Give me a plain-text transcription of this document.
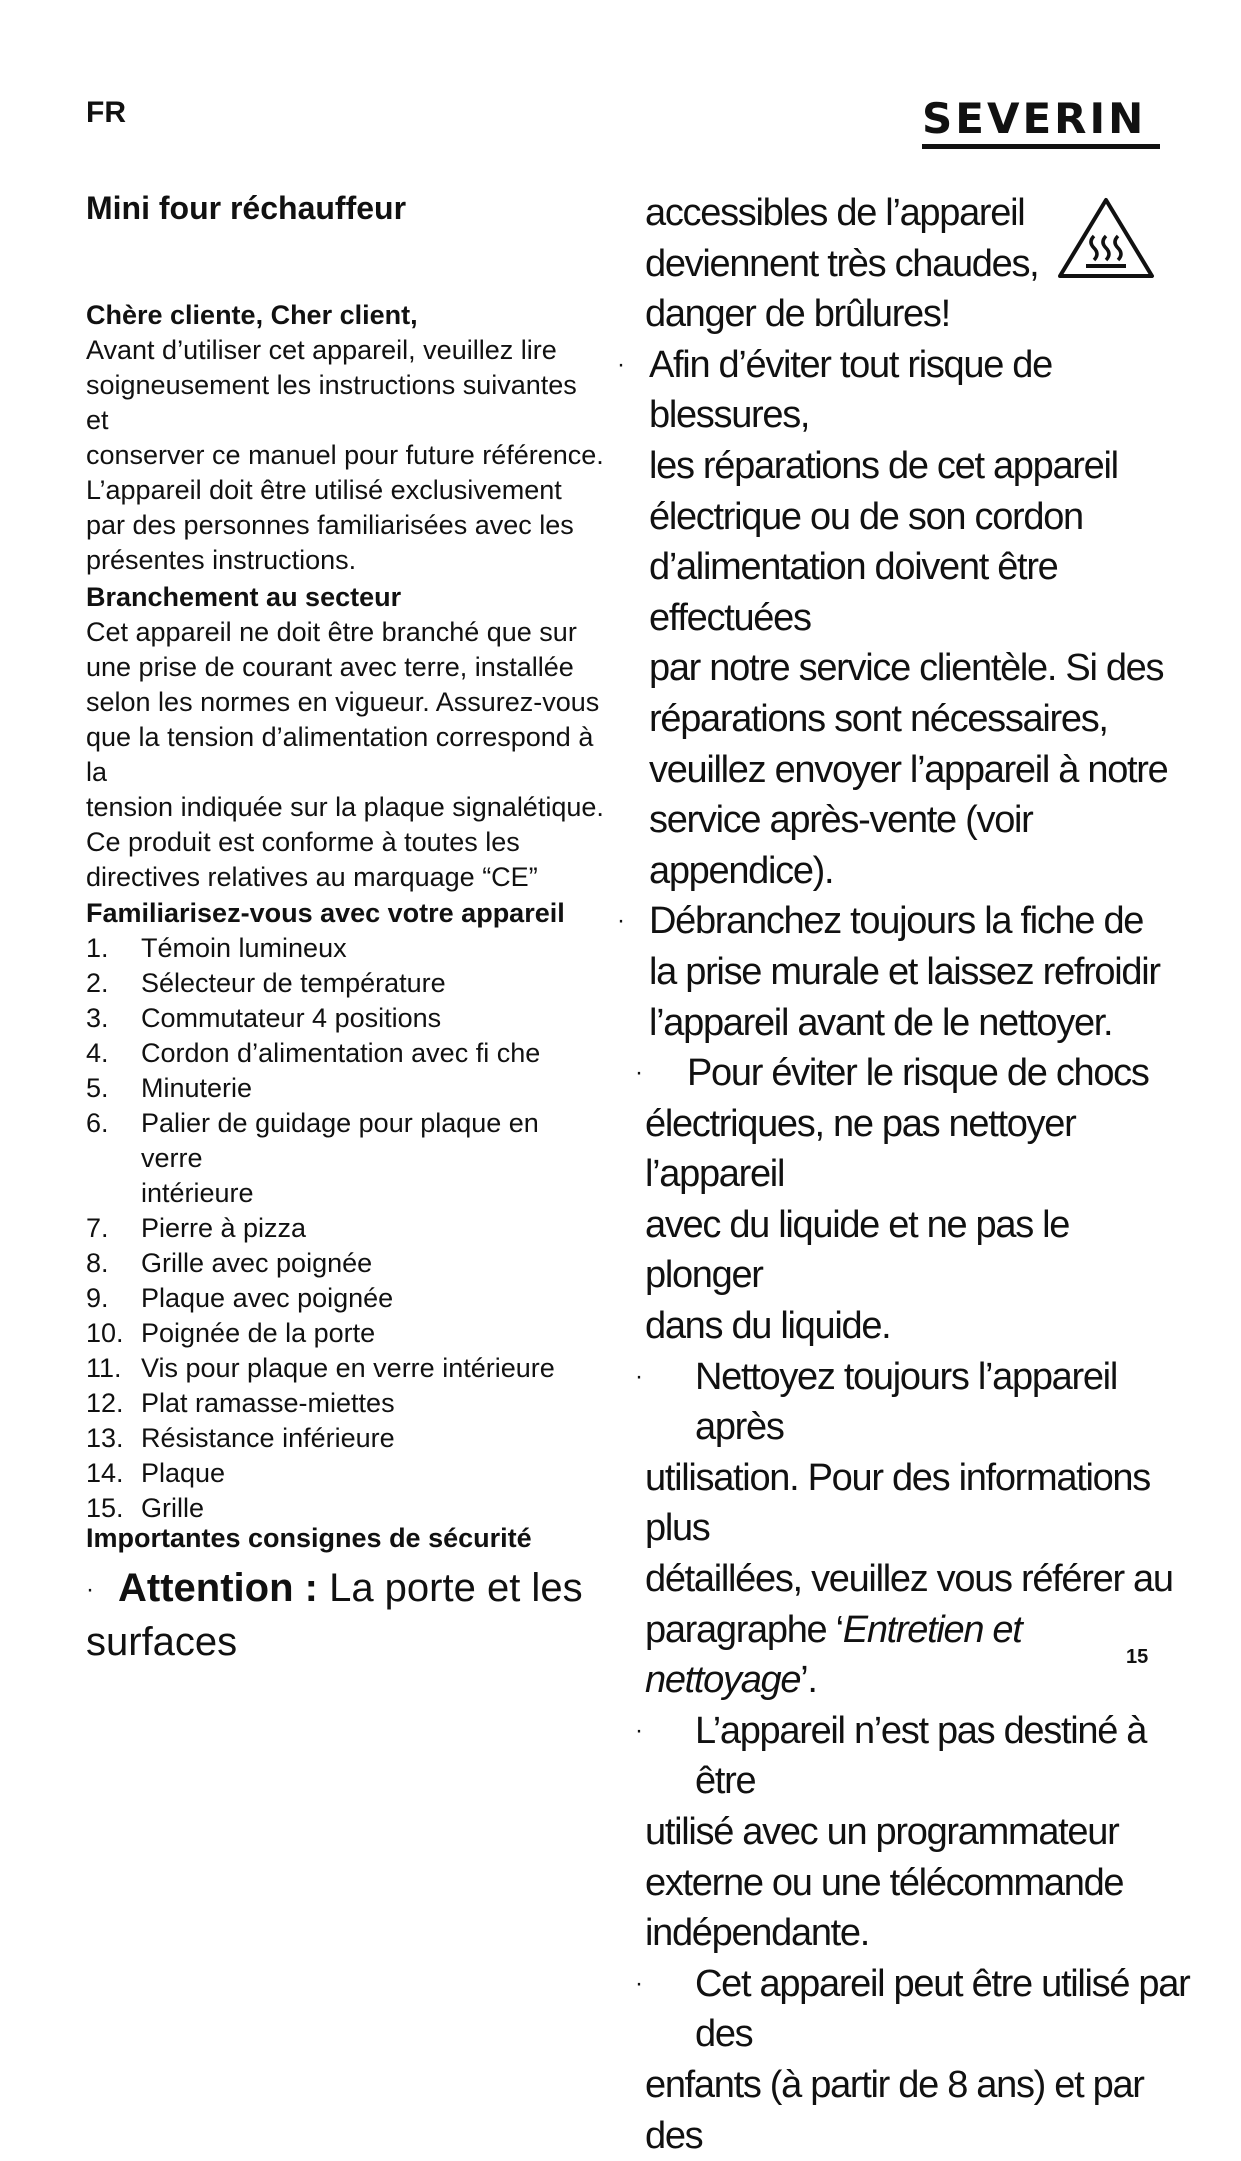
FR	SEVERIN
Mini four réchauffeur
Chère cliente, Cher client,
Avant d’utiliser cet appareil, veuillez lire
soigneusement les instructions suivantes et
conserver ce manuel pour future référence.
L’appareil doit être utilisé exclusivement
par des personnes familiarisées avec les
présentes instructions.
Branchement au secteur
Cet appareil ne doit être branché que sur
une prise de courant avec terre, installée
selon les normes en vigueur. Assurez-vous
que la tension d’alimentation correspond à la
tension indiquée sur la plaque signalétique.
Ce produit est conforme à toutes les
directives relatives au marquage “CE”
Familiarisez-vous avec votre appareil
1. Témoin lumineux
2. Sélecteur de température
3. Commutateur 4 positions
4. Cordon d’alimentation avec fi che
5. Minuterie
6. Palier de guidage pour plaque en verre
intérieure
7. Pierre à pizza
8. Grille avec poignée
9. Plaque avec poignée
10. Poignée de la porte
11. Vis pour plaque en verre intérieure
12. Plat ramasse-miettes
13. Résistance inférieure
14. Plaque
15. Grille
Importantes consignes de sécurité
· Attention : La porte et les surfaces
accessibles de l’appareil
deviennent très chaudes,
danger de brûlures!
· Afin d’éviter tout risque de blessures,
les réparations de cet appareil
électrique ou de son cordon
d’alimentation doivent être effectuées
par notre service clientèle. Si des
réparations sont nécessaires,
veuillez envoyer l’appareil à notre
service après-vente (voir appendice).
· Débranchez toujours la fiche de
la prise murale et laissez refroidir
l’appareil avant de le nettoyer.
·	Pour éviter le risque de chocs
électriques, ne pas nettoyer l’appareil
avec du liquide et ne pas le plonger
dans du liquide.
·	Nettoyez toujours l’appareil après
utilisation. Pour des informations plus
détaillées, veuillez vous référer au
paragraphe ‘Entretien et nettoyage’.
·	L’appareil n’est pas destiné à être
utilisé avec un programmateur
externe ou une télécommande
indépendante.
·	Cet appareil peut être utilisé par des
enfants (à partir de 8 ans) et par des
15
